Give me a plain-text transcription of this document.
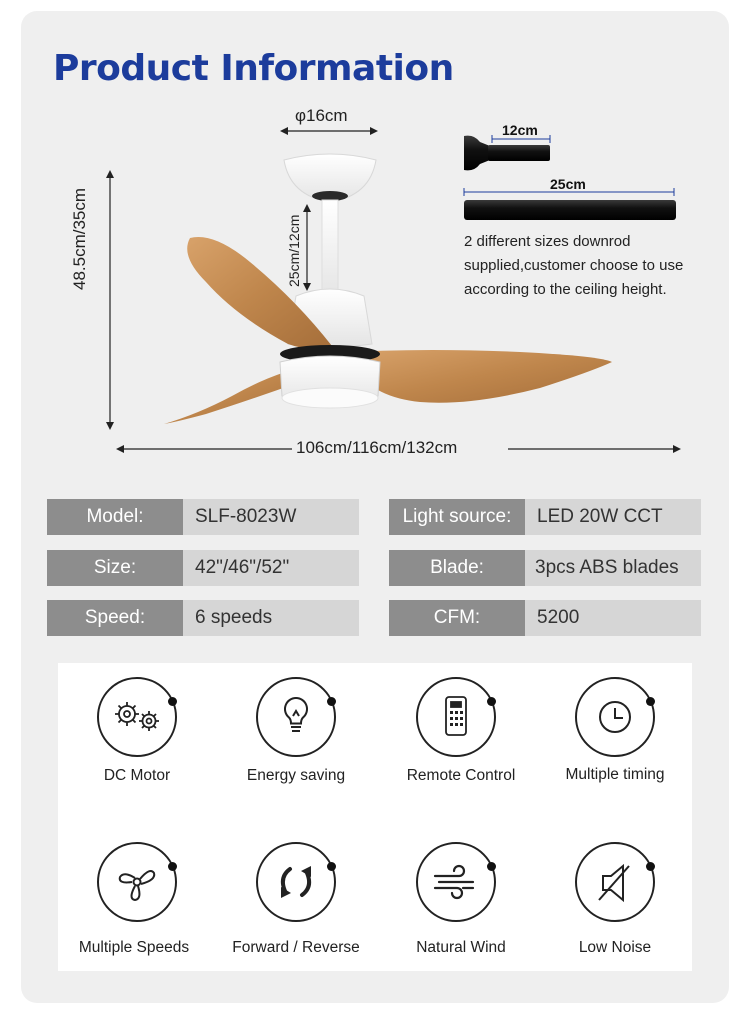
Product Information
φ16cm
48.5cm/35cm	25cm/12cm
106cm/116cm/132cm
12cm
25cm
2 different sizes downrod
supplied,customer choose to use
according to the ceiling height.
Model:	SLF-8023W	Light source:	LED 20W CCT
Size:	42"/46"/52"	Blade:	3pcs ABS blades
Speed:	6 speeds	CFM:	5200
DC Motor	Energy saving	Remote Control	Multiple timing
Multiple Speeds	Forward / Reverse	Natural Wind	Low Noise
